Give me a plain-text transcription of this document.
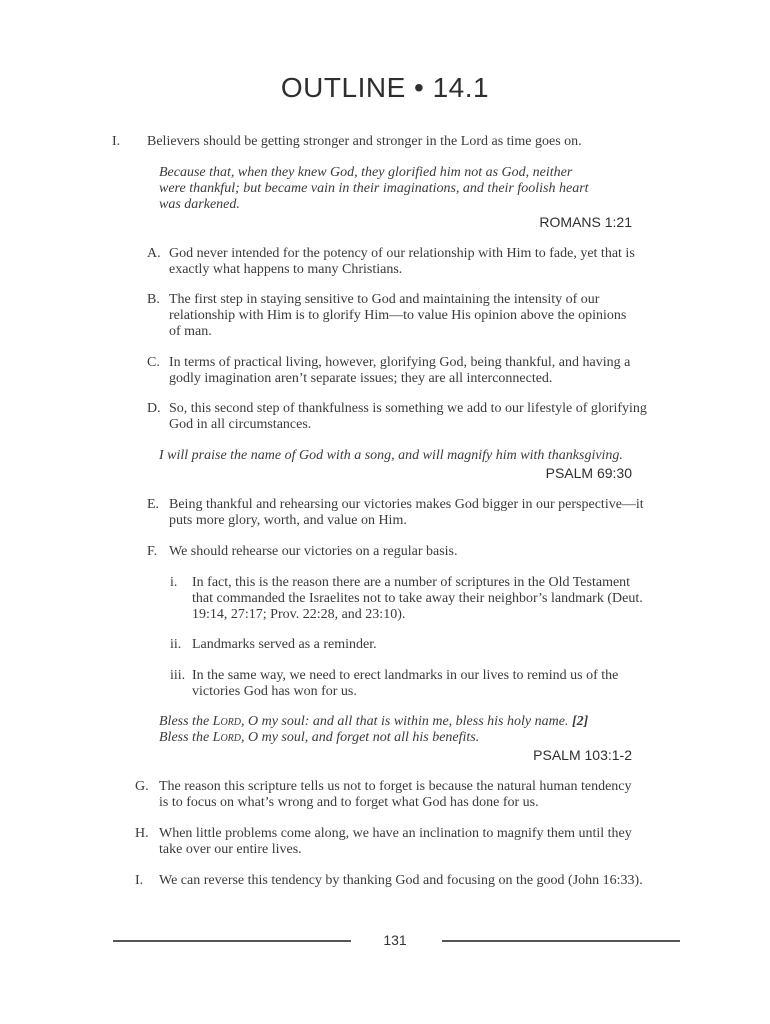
OUTLINE • 14.1
I. Believers should be getting stronger and stronger in the Lord as time goes on.
Because that, when they knew God, they glorified him not as God, neither
were thankful; but became vain in their imaginations, and their foolish heart
was darkened.
ROMANS 1:21
A. God never intended for the potency of our relationship with Him to fade, yet that is
exactly what happens to many Christians.
B. The first step in staying sensitive to God and maintaining the intensity of our
relationship with Him is to glorify Him—to value His opinion above the opinions
of man.
C. In terms of practical living, however, glorifying God, being thankful, and having a
godly imagination aren’t separate issues; they are all interconnected.
D. So, this second step of thankfulness is something we add to our lifestyle of glorifying
God in all circumstances.
I will praise the name of God with a song, and will magnify him with thanksgiving.
PSALM 69:30
E. Being thankful and rehearsing our victories makes God bigger in our perspective—it
puts more glory, worth, and value on Him.
F. We should rehearse our victories on a regular basis.
i. In fact, this is the reason there are a number of scriptures in the Old Testament
that commanded the Israelites not to take away their neighbor’s landmark (Deut.
19:14, 27:17; Prov. 22:28, and 23:10).
ii. Landmarks served as a reminder.
iii. In the same way, we need to erect landmarks in our lives to remind us of the
victories God has won for us.
Bless the Lord, O my soul: and all that is within me, bless his holy name. [2]
Bless the Lord, O my soul, and forget not all his benefits.
PSALM 103:1-2
G. The reason this scripture tells us not to forget is because the natural human tendency
is to focus on what’s wrong and to forget what God has done for us.
H. When little problems come along, we have an inclination to magnify them until they
take over our entire lives.
I. We can reverse this tendency by thanking God and focusing on the good (John 16:33).
131
